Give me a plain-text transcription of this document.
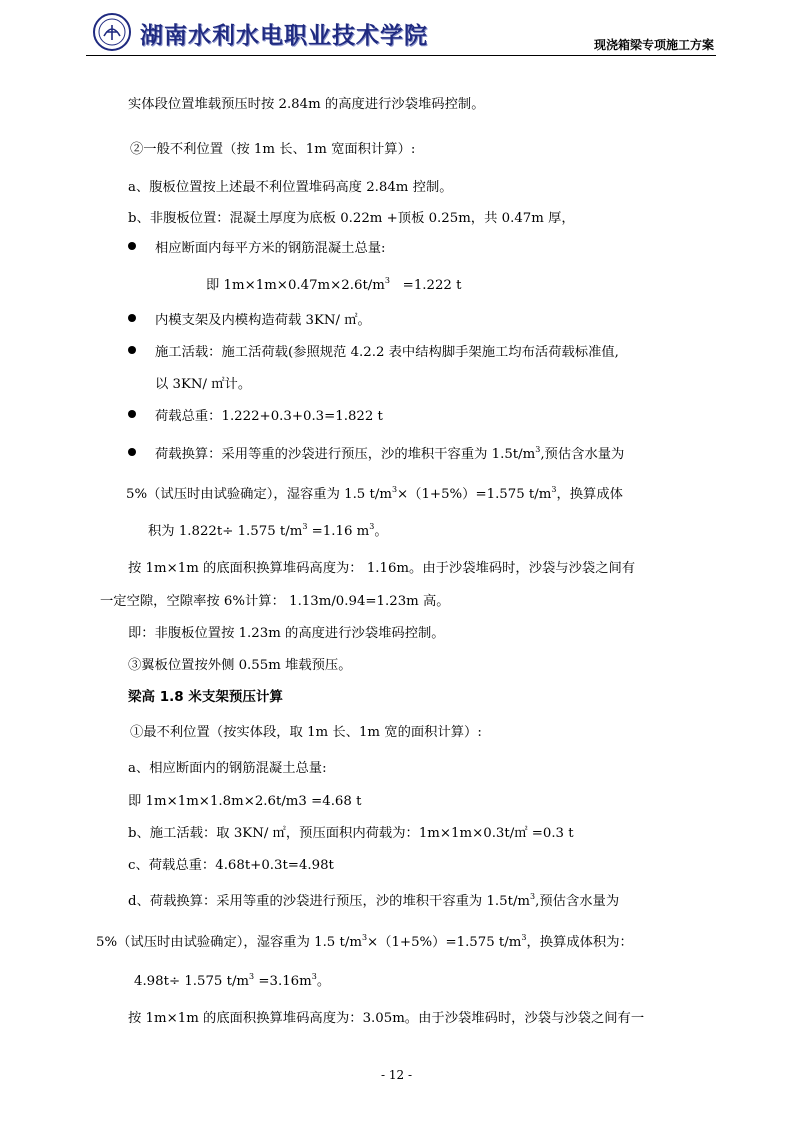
湖南水利水电职业技术学院	现浇箱梁专项施工方案
实体段位置堆载预压时按 2.84m 的高度进行沙袋堆码控制。
②一般不利位置（按 1m 长、1m 宽面积计算）:
a、腹板位置按上述最不利位置堆码高度 2.84m 控制。
b、非腹板位置：混凝土厚度为底板 0.22m +顶板 0.25m，共 0.47m 厚，
相应断面内每平方米的钢筋混凝土总量:
即 $1m\times 1m\times 0.47m\times 2.6t/m^3 =1.222$ t
内模支架及内模构造荷载 3KN/ ㎡。
施工活载：施工活荷载(参照规范 4.2.2 表中结构脚手架施工均布活荷载标准值,
以 3KN/ ㎡计。
荷载总重：1.222+0.3+0.3=1.822 t
荷载换算：采用等重的沙袋进行预压，沙的堆积干容重为 $1.5t/m^3$,预估含水量为
5%（试压时由试验确定），湿容重为 1.5 $t/m^3\times(1+5\%)=1.575$ $t/m^3$，换算成体
积为 1.822t÷ 1.575 $t/m^3 =1.16$ $m^3$。
按 1m×1m 的底面积换算堆码高度为： 1.16m。由于沙袋堆码时，沙袋与沙袋之间有
一定空隙，空隙率按 6%计算： 1.13m/0.94=1.23m 高。
即：非腹板位置按 1.23m 的高度进行沙袋堆码控制。
③翼板位置按外侧 0.55m 堆载预压。
梁高 1.8 米支架预压计算
①最不利位置（按实体段，取 1m 长、1m 宽的面积计算）:
a、相应断面内的钢筋混凝土总量:
即 1m×1m×1.8m×2.6t/m3 =4.68 t
b、施工活载：取 3KN/ ㎡，预压面积内荷载为：1m×1m×0.3t/㎡ =0.3 t
c、荷载总重：4.68t+0.3t=4.98t
d、荷载换算：采用等重的沙袋进行预压，沙的堆积干容重为 $1.5t/m^3$,预估含水量为
5%（试压时由试验确定），湿容重为 1.5 $t/m^3\times(1+5\%)=1.575$ $t/m^3$，换算成体积为：
4.98t÷ 1.575 $t/m^3 =3.16m^3$。
按 1m×1m 的底面积换算堆码高度为：3.05m。由于沙袋堆码时，沙袋与沙袋之间有一
- 12 -
